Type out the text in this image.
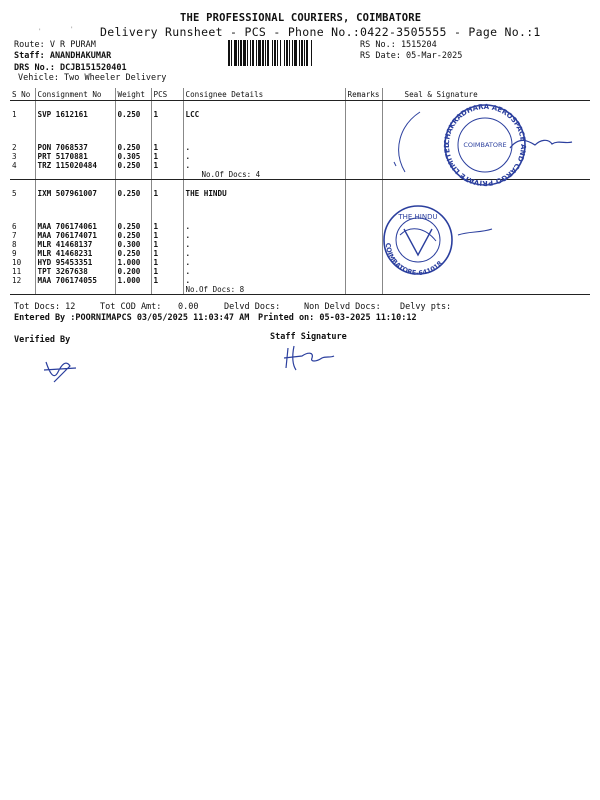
'	'
THE PROFESSIONAL COURIERS, COIMBATORE
Delivery Runsheet - PCS - Phone No.:0422-3505555 - Page No.:1
Route: V R PURAM
Staff: ANANDHAKUMAR
DRS No.: DCJB151520401
Vehicle: Two Wheeler Delivery
RS No.: 1515204
RS Date: 05-Mar-2025
S No	Consignment No	Weight	PCS	Consignee Details	Remarks	Seal & Signature

1	SVP 1612161	0.250	1	LCC		

2	PON 7068537	0.250	1	.		
3	PRT 5170881	0.305	1	.		
4	TRZ 115020484	0.250	1	.		
				No.Of Docs: 4		

5	IXM 507961007	0.250	1	THE HINDU		

6	MAA 706174061	0.250	1	.		
7	MAA 706174071	0.250	1	.		
8	MLR 41468137	0.300	1	.		
9	MLR 41468231	0.250	1	.		
10	HYD 95453351	1.000	1	.		
11	TPT 3267638	0.200	1	.		
12	MAA 706174055	1.000	1	.		
				No.Of Docs: 8		
CHAKRADHARA AEROSPACE AND CARGO PRIVATE LIMITED	COIMBATORE
COIMBATORE-641018
THE HINDU
Tot Docs: 12	Tot COD Amt: 0.00	Delvd Docs:	Non Delvd Docs: Delvy pts:
Entered By :POORNIMAPCS 03/05/2025 11:03:47 AM Printed on: 05-03-2025 11:10:12
Verified By	Staff Signature
